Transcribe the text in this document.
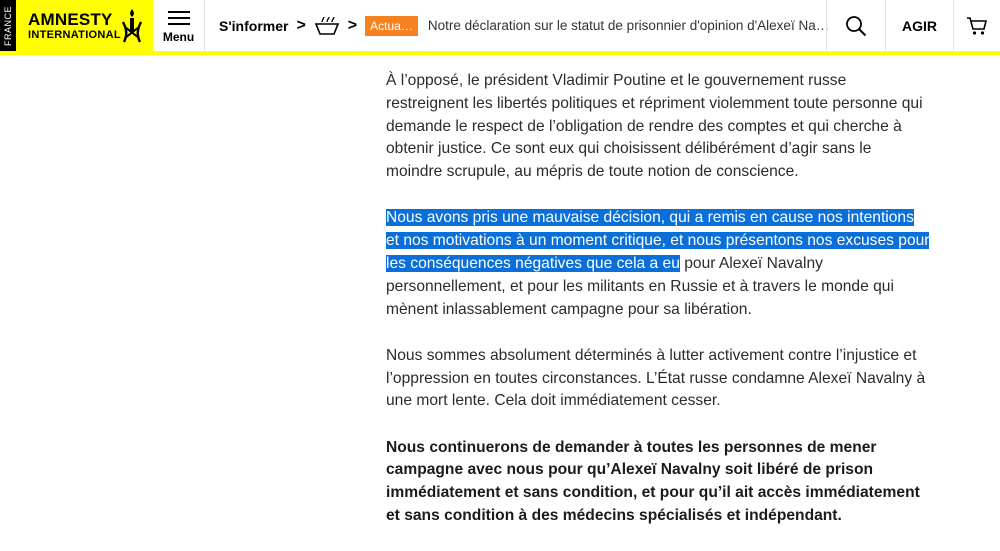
FRANCE AMNESTY
INTERNATIONAL	Menu
S'informer >	>	Actua…	Notre déclaration sur le statut de prisonnier d'opinion d'Alexeï Na…	AGIR

À l’opposé, le président Vladimir Poutine et le gouvernement russe restreignent les libertés politiques et répriment violemment toute personne qui demande le respect de l’obligation de rendre des comptes et qui cherche à obtenir justice. Ce sont eux qui choisissent délibérément d’agir sans le moindre scrupule, au mépris de toute notion de conscience.

Nous avons pris une mauvaise décision, qui a remis en cause nos intentions et nos motivations à un moment critique, et nous présentons nos excuses pour les conséquences négatives que cela a eu pour Alexeï Navalny personnellement, et pour les militants en Russie et à travers le monde qui mènent inlassablement campagne pour sa libération.

Nous sommes absolument déterminés à lutter activement contre l’injustice et l’oppression en toutes circonstances. L’État russe condamne Alexeï Navalny à une mort lente. Cela doit immédiatement cesser.

Nous continuerons de demander à toutes les personnes de mener campagne avec nous pour qu’Alexeï Navalny soit libéré de prison immédiatement et sans condition, et pour qu’il ait accès immédiatement et sans condition à des médecins spécialisés et indépendant.
